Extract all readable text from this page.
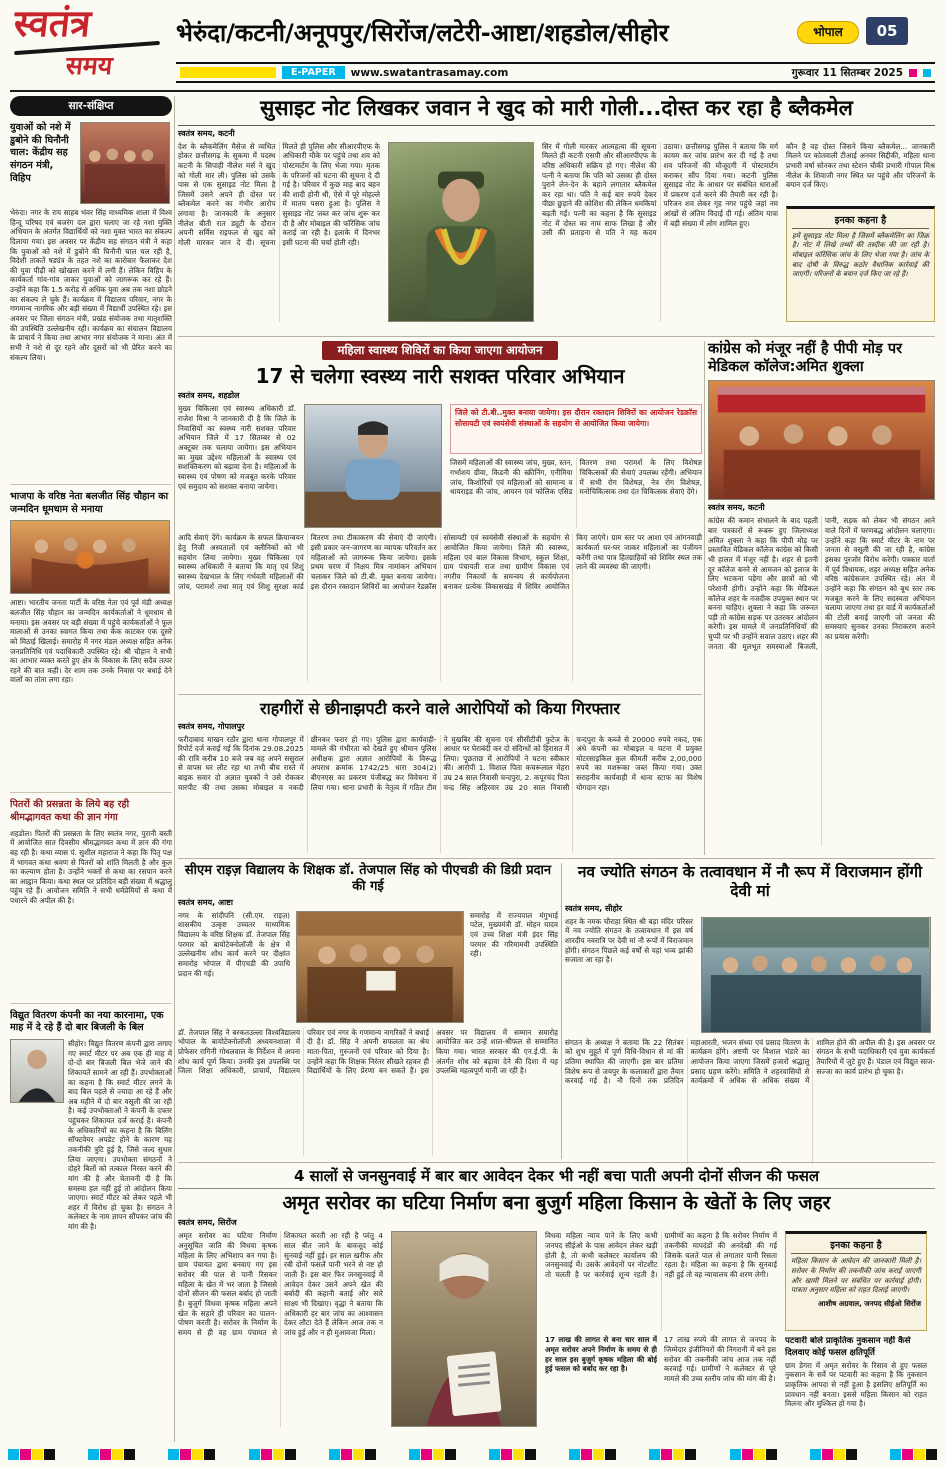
स्वतंत्र
समय
भेरुंदा/कटनी/अनूपपुर/सिरोंज/लटेरी-आष्टा/शहडोल/सीहोर	भोपाल	05
E-PAPER	www.swatantrasamay.com	गुरूवार 11 सितम्बर 2025
सार-संक्षिप्त
युवाओं को नशे में डुबोने की घिनौनी चाल: केंद्रीय सह संगठन मंत्री, विहिप

भेरुंदा। नगर के राय साहब भंवर सिंह माध्यमिक शाला में विश्व हिन्दू परिषद एवं बजरंग दल द्वारा चलाए जा रहे नशा मुक्ति अभियान के अंतर्गत विद्यार्थियों को नशा मुक्त भारत का संकल्प दिलाया गया। इस अवसर पर केंद्रीय सह संगठन मंत्री ने कहा कि युवाओं को नशे में डुबोने की घिनौनी चाल चल रही है, विदेशी ताकतें षड्यंत्र के तहत नशे का कारोबार फैलाकर देश की युवा पीढ़ी को खोखला करने में लगी हैं। लेकिन विहिप के कार्यकर्ता गांव-गांव जाकर युवाओं को जागरूक कर रहे हैं। उन्होंने कहा कि 1.5 करोड़ से अधिक युवा अब तक नशा छोड़ने का संकल्प ले चुके हैं। कार्यक्रम में विद्यालय परिवार, नगर के गणमान्य नागरिक और बड़ी संख्या में विद्यार्थी उपस्थित रहे। इस अवसर पर जिला संगठन मंत्री, प्रखंड संयोजक तथा मातृशक्ति की उपस्थिति उल्लेखनीय रही। कार्यक्रम का संचालन विद्यालय के प्राचार्य ने किया तथा आभार नगर संयोजक ने माना। अंत में सभी ने नशे से दूर रहने और दूसरों को भी प्रेरित करने का संकल्प लिया।

भाजपा के वरिष्ठ नेता बलजीत सिंह चौहान का जन्मदिन धूमधाम से मनाया

आष्टा। भारतीय जनता पार्टी के वरिष्ठ नेता एवं पूर्व मंडी अध्यक्ष बलजीत सिंह चौहान का जन्मदिन कार्यकर्ताओं ने धूमधाम से मनाया। इस अवसर पर बड़ी संख्या में पहुंचे कार्यकर्ताओं ने फूल मालाओं से उनका स्वागत किया तथा केक काटकर एक दूसरे को मिठाई खिलाई। समारोह में नगर मंडल अध्यक्ष सहित अनेक जनप्रतिनिधि एवं पदाधिकारी उपस्थित रहे। श्री चौहान ने सभी का आभार व्यक्त करते हुए क्षेत्र के विकास के लिए सदैव तत्पर रहने की बात कही। देर शाम तक उनके निवास पर बधाई देने वालों का तांता लगा रहा।

पितरों की प्रसन्नता के लिये बह रही श्रीमद्भागवत कथा की ज्ञान गंगा

शहडोल। पितरों की प्रसन्नता के लिए स्वतंत्र नगर, पुरानी बस्ती में आयोजित सात दिवसीय श्रीमद्भागवत कथा में ज्ञान की गंगा बह रही है। कथा व्यास पं. सुशील महाराज ने कहा कि पितृ पक्ष में भागवत कथा श्रवण से पितरों को शांति मिलती है और कुल का कल्याण होता है। उन्होंने भक्तों से कथा का रसपान करने का आह्वान किया। कथा स्थल पर प्रतिदिन बड़ी संख्या में श्रद्धालु पहुंच रहे हैं। आयोजन समिति ने सभी धर्मप्रेमियों से कथा में पधारने की अपील की है।

विद्युत वितरण कंपनी का नया कारनामा, एक माह में दे रहे हैं दो बार बिजली के बिल

सीहोर। विद्युत वितरण कंपनी द्वारा लगाए गए स्मार्ट मीटर पर अब एक ही माह में दो-दो बार बिजली बिल भेजे जाने की शिकायतें सामने आ रही हैं। उपभोक्ताओं का कहना है कि स्मार्ट मीटर लगने के बाद बिल पहले से ज्यादा आ रहे हैं और अब महीने में दो बार वसूली की जा रही है। कई उपभोक्ताओं ने कंपनी के दफ्तर पहुंचकर शिकायत दर्ज कराई है। कंपनी के अधिकारियों का कहना है कि बिलिंग सॉफ्टवेयर अपडेट होने के कारण यह तकनीकी त्रुटि हुई है, जिसे जल्द सुधार लिया जाएगा। उपभोक्ता संगठनों ने दोहरे बिलों को तत्काल निरस्त करने की मांग की है और चेतावनी दी है कि समस्या हल नहीं हुई तो आंदोलन किया जाएगा। स्मार्ट मीटर को लेकर पहले भी शहर में विरोध हो चुका है। संगठन ने कलेक्टर के नाम ज्ञापन सौंपकर जांच की मांग की है।

सुसाइट नोट लिखकर जवान ने खुद को मारी गोली...दोस्त कर रहा है ब्लैकमेल
स्वतंत्र समय, कटनी

देश के ब्लैकमेलिंग मैसेज से व्यथित होकर छत्तीसगढ़ के सुकमा में पदस्थ कटनी के सिपाही नीलेश मर्स ने खुद को गोली मार ली। पुलिस को उसके पास से एक सुसाइड नोट मिला है जिसमें उसने अपने ही दोस्त पर ब्लैकमेल करने का गंभीर आरोप लगाया है। जानकारी के अनुसार नीलेश बीती रात ड्यूटी के दौरान अपनी सर्विस राइफल से खुद को गोली मारकर जान दे दी। सूचना मिलते ही पुलिस और सीआरपीएफ के अधिकारी मौके पर पहुंचे तथा शव को पोस्टमार्टम के लिए भेजा गया। मृतक के परिजनों को घटना की सूचना दे दी गई है। परिवार में कुछ माह बाद बहन की शादी होनी थी, ऐसे में पूरे मोहल्ले में मातम पसरा हुआ है। पुलिस ने सुसाइड नोट जब्त कर जांच शुरू कर दी है और मोबाइल की फॉरेंसिक जांच कराई जा रही है। इलाके में दिनभर इसी घटना की चर्चा होती रही।

सिर में गोली मारकर आत्महत्या की सूचना मिलते ही कटनी एसपी और सीआरपीएफ के वरिष्ठ अधिकारी सक्रिय हो गए। नीलेश की पत्नी ने बताया कि पति को उसका ही दोस्त पुराने लेन-देन के बहाने लगातार ब्लैकमेल कर रहा था। पति ने कई बार रुपये देकर पीछा छुड़ाने की कोशिश की लेकिन धमकियां बढ़ती गईं। पत्नी का कहना है कि सुसाइड नोट में दोस्त का नाम साफ लिखा है और उसी की प्रताड़ना से पति ने यह कदम उठाया। छत्तीसगढ़ पुलिस ने बताया कि मर्ग कायम कर जांच प्रारंभ कर दी गई है तथा शव परिजनों की मौजूदगी में पोस्टमार्टम कराकर सौंप दिया गया। कटनी पुलिस सुसाइड नोट के आधार पर संबंधित धाराओं में प्रकरण दर्ज करने की तैयारी कर रही है। परिजन शव लेकर गृह नगर पहुंचे जहां नम आंखों से अंतिम विदाई दी गई। अंतिम यात्रा में बड़ी संख्या में लोग शामिल हुए।

कौन है वह दोस्त जिसने किया ब्लैकमेल... जानकारी मिलने पर कोतवाली टीआई अनवर सिद्दीकी, महिला थाना प्रभारी वर्षा सोनकर तथा स्टेशन चौकी प्रभारी गोपाल मिश्र नीलेश के शिवाजी नगर स्थित घर पहुंचे और परिजनों के बयान दर्ज किए।

इनका कहना है

हमें सुसाइड नोट मिला है जिसमें ब्लैकमेलिंग का जिक्र है। नोट में लिखे तथ्यों की तस्दीक की जा रही है। मोबाइल फॉरेंसिक जांच के लिए भेजा गया है। जांच के बाद दोषी के विरुद्ध कठोर वैधानिक कार्रवाई की जाएगी। परिजनों के बयान दर्ज किए जा रहे हैं।

महिला स्वास्थ्य शिविरों का किया जाएगा आयोजन
17 से चलेगा स्वस्थ्य नारी सशक्त परिवार अभियान
स्वतंत्र समय, शहडोल

मुख्य चिकित्सा एवं स्वास्थ्य अधिकारी डॉ. राजेश मिश्रा ने जानकारी दी है कि जिले के निवासियों का स्वस्थ्य नारी सशक्त परिवार अभियान जिले में 17 सितम्बर से 02 अक्टूबर तक चलाया जायेगा। इस अभियान का मुख्य उद्देश्य महिलाओं के स्वास्थ्य एवं सशक्तिकरण को बढ़ावा देना है। महिलाओं के स्वास्थ्य एवं पोषण को मजबूत करके परिवार एवं समुदाय को सशक्त बनाया जायेगा।

जिले को टी.बी..मुक्त बनाया जायेगा। इस दौरान रक्तदान शिविरों का आयोजन रेडक्रॉस सोसायटी एवं स्वयंसेवी संस्थाओं के सहयोग से आयोजित किया जायेगा।

जिसमें महिलाओं की स्वास्थ्य जांच, मुख्य, स्तन, गर्भाशय ग्रीवा, किडनी की स्क्रीनिंग, एनीमिया जांच, किशोरियों एवं महिलाओं को सामान्य व थायराइड की जांच, आयरन एवं फोलिक एसिड वितरण तथा परामर्श के लिए विशेषज्ञ चिकित्सकों की सेवाएं उपलब्ध रहेंगी। अभियान में सभी रोग विशेषज्ञ, नेत्र रोग विशेषज्ञ, मनोचिकित्सक तथा दंत चिकित्सक सेवाएं देंगे।

आदि सेवाएं देंगे। कार्यक्रम के सफल क्रियान्वयन हेतु निजी अस्पतालों एवं क्लीनिकों को भी सहयोग लिया जायेगा। मुख्य चिकित्सा एवं स्वास्थ्य अधिकारी ने बताया कि मातृ एवं शिशु स्वास्थ्य देखभाल के लिए गर्भवती महिलाओं की जांच, परामर्श तथा मातृ एवं शिशु सुरक्षा कार्ड वितरण तथा टीकाकरण की सेवाएं दी जाएंगी। इसी प्रकार जन-जागरण का व्यापक परिवर्तन कर महिलाओं को जागरूक किया जायेगा। इसके प्रथम चरण में निक्षय मित्र नामांकन अभियान चलाकर जिले को टी.बी. मुक्त बनाया जायेगा। इस दौरान रक्तदान शिविरों का आयोजन रेडक्रॉस सोसायटी एवं स्वयंसेवी संस्थाओं के सहयोग से आयोजित किया जायेगा। जिले की स्वास्थ्य, महिला एवं बाल विकास विभाग, स्कूल शिक्षा, ग्राम पंचायती राज तथा ग्रामीण विकास एवं नगरीय निकायों के समन्वय से कार्ययोजना बनाकर प्रत्येक विकासखंड में शिविर आयोजित किए जाएंगे। ग्राम स्तर पर आशा एवं आंगनवाड़ी कार्यकर्ता घर-घर जाकर महिलाओं का पंजीयन करेंगी तथा पात्र हितग्राहियों को शिविर स्थल तक लाने की व्यवस्था की जाएगी।

कांग्रेस को मंजूर नहीं है पीपी मोड़ पर मेडिकल कॉलेज:अमित शुक्ला
स्वतंत्र समय, कटनी

कांग्रेस की कमान संभालने के बाद पहली बार पत्रकारों से रूबरू हुए जिलाध्यक्ष अमित शुक्ला ने कहा कि पीपी मोड़ पर प्रस्तावित मेडिकल कॉलेज कांग्रेस को किसी भी हालत में मंजूर नहीं है। शहर से इतनी दूर कॉलेज बनने से आमजन को इलाज के लिए भटकना पड़ेगा और छात्रों को भी परेशानी होगी। उन्होंने कहा कि मेडिकल कॉलेज शहर के नजदीक उपयुक्त स्थान पर बनना चाहिए। शुक्ला ने कहा कि जरूरत पड़ी तो कांग्रेस सड़क पर उतरकर आंदोलन करेगी। इस मामले में जनप्रतिनिधियों की चुप्पी पर भी उन्होंने सवाल उठाए। शहर की जनता की मूलभूत समस्याओं बिजली, पानी, सड़क को लेकर भी संगठन आने वाले दिनों में चरणबद्ध आंदोलन चलाएगा। उन्होंने कहा कि स्मार्ट मीटर के नाम पर जनता से वसूली की जा रही है, कांग्रेस इसका पुरजोर विरोध करेगी। पत्रकार वार्ता में पूर्व विधायक, शहर अध्यक्ष सहित अनेक वरिष्ठ कांग्रेसजन उपस्थित रहे। अंत में उन्होंने कहा कि संगठन को बूथ स्तर तक मजबूत करने के लिए सदस्यता अभियान चलाया जाएगा तथा हर वार्ड में कार्यकर्ताओं की टोली बनाई जाएगी जो जनता की समस्याएं सुनकर उनका निराकरण कराने का प्रयास करेगी।

राहगीरों से छीनाझपटी करने वाले आरोपियों को किया गिरफ्तार
स्वतंत्र समय, गोपालपुर

फरीदाबाद माखन रठौर द्वारा थाना गोपालपुर में रिपोर्ट दर्ज कराई गई कि दिनांक 29.08.2025 की रात्रि करीब 10 बजे जब वह अपने ससुराल से वापस घर लौट रहा था तभी बीच रास्ते में बाइक सवार दो अज्ञात युवकों ने उसे रोककर मारपीट की तथा उसका मोबाइल व नकदी छीनकर फरार हो गए। पुलिस द्वारा कार्यवाही- मामले की गंभीरता को देखते हुए श्रीमान पुलिस अधीक्षक द्वारा अज्ञात आरोपियों के विरूद्ध अपराध क्रमांक 1742/25 धारा 304(2) बीएनएस का प्रकरण पंजीबद्ध कर विवेचना में लिया गया। थाना प्रभारी के नेतृत्व में गठित टीम ने मुखबिर की सूचना एवं सीसीटीवी फुटेज के आधार पर घेराबंदी कर दो संदिग्धों को हिरासत में लिया। पूछताछ में आरोपियों ने घटना स्वीकार की। आरोपी 1. विशाल पिता कचरूलाल मेहरा उम्र 24 साल निवासी चन्दपुरा, 2. कपूरचंद पिता चन्द्र सिंह अहिरवार उम्र 20 साल निवासी चन्दपुरा के कब्जे से 20000 रुपये नकद, एक अंधे कंपनी का मोबाइल व घटना में प्रयुक्त मोटरसाइकिल कुल कीमती करीब 2,00,000 रुपये का मशरूका जब्त किया गया। उक्त सराहनीय कार्यवाही में थाना स्टाफ का विशेष योगदान रहा।

सीएम राइज़ विद्यालय के शिक्षक डॉ. तेजपाल सिंह को पीएचडी की डिग्री प्रदान की गई
स्वतंत्र समय, आष्टा

नगर के सांदीपनि (सी.एम. राइज़) शासकीय उत्कृष्ट उच्चतर माध्यमिक विद्यालय के वरिष्ठ शिक्षक डॉ. तेजपाल सिंह परमार को बायोटेक्नोलॉजी के क्षेत्र में उल्लेखनीय शोध कार्य करने पर दीक्षांत समारोह भोपाल में पीएचडी की उपाधि प्रदान की गई।

समारोह में राज्यपाल मंगुभाई पटेल, मुख्यमंत्री डॉ. मोहन यादव एवं उच्च शिक्षा मंत्री इंदर सिंह परमार की गरिमामयी उपस्थिति रही।

डॉ. तेजपाल सिंह ने बरकतउल्ला विश्वविद्यालय भोपाल के बायोटेक्नोलॉजी अध्ययनशाला में प्रोफेसर रागिनी गोथलवाल के निर्देशन में अपना शोध कार्य पूर्ण किया। उनकी इस उपलब्धि पर जिला शिक्षा अधिकारी, प्राचार्य, विद्यालय परिवार एवं नगर के गणमान्य नागरिकों ने बधाई दी है। डॉ. सिंह ने अपनी सफलता का श्रेय माता-पिता, गुरुजनों एवं परिवार को दिया है। उन्होंने कहा कि शिक्षक निरंतर सीखते रहकर ही विद्यार्थियों के लिए प्रेरणा बन सकते हैं। इस अवसर पर विद्यालय में सम्मान समारोह आयोजित कर उन्हें शाल-श्रीफल से सम्मानित किया गया। भारत सरकार की एन.ई.पी. के अंतर्गत शोध को बढ़ावा देने की दिशा में यह उपलब्धि महत्वपूर्ण मानी जा रही है।

नव ज्योति संगठन के तत्वावधान में नौ रूप में विराजमान होंगी देवी मां
स्वतंत्र समय, सीहोर

शहर के नमक चौराहा स्थित श्री बड़ा मंदिर परिसर में नव ज्योति संगठन के तत्वावधान में इस वर्ष शारदीय नवरात्रि पर देवी मां नौ रूपों में विराजमान होंगी। संगठन पिछले कई वर्षों से यहां भव्य झांकी सजाता आ रहा है।

संगठन के अध्यक्ष ने बताया कि 22 सितंबर को शुभ मुहूर्त में पूर्ण विधि-विधान से मां की प्रतिमा स्थापित की जाएगी। इस बार प्रतिमा विशेष रूप से जयपुर के कलाकारों द्वारा तैयार करवाई गई है। नौ दिनों तक प्रतिदिन महाआरती, भजन संध्या एवं प्रसाद वितरण के कार्यक्रम होंगे। अष्टमी पर विशाल भंडारे का आयोजन किया जाएगा जिसमें हजारों श्रद्धालु प्रसाद ग्रहण करेंगे। समिति ने शहरवासियों से कार्यक्रमों में अधिक से अधिक संख्या में शामिल होने की अपील की है। इस अवसर पर संगठन के सभी पदाधिकारी एवं युवा कार्यकर्ता तैयारियों में जुटे हुए हैं। पंडाल एवं विद्युत साज-सज्जा का कार्य प्रारंभ हो चुका है।

4 सालों से जनसुनवाई में बार बार आवेदन देकर भी नहीं बचा पाती अपनी दोनों सीजन की फसल
अमृत सरोवर का घटिया निर्माण बना बुजुर्ग महिला किसान के खेतों के लिए जहर
स्वतंत्र समय, सिरोंज

अमृत सरोवर का घटिया निर्माण अनुसूचित जाति की विधवा कृषक महिला के लिए अभिशाप बन गया है। ग्राम पंचायत द्वारा बनवाए गए इस सरोवर की पाल से पानी रिसकर महिला के खेत में भर जाता है जिससे दोनों सीजन की फसल बर्बाद हो जाती है। बुजुर्ग विधवा कृषक महिला अपने खेत के सहारे ही परिवार का पालन-पोषण करती है। सरोवर के निर्माण के समय से ही वह ग्राम पंचायत से शिकायत करती आ रही है परंतु 4 साल बीत जाने के बावजूद कोई सुनवाई नहीं हुई। हर साल खरीफ और रबी दोनों फसलें पानी भरने से नष्ट हो जाती हैं। इस बार फिर जनसुनवाई में आवेदन देकर उसने अपने खेत की बर्बादी की कहानी बताई और सारे साक्ष्य भी दिखाए। वृद्धा ने बताया कि अधिकारी हर बार जांच का आश्वासन देकर लौटा देते हैं लेकिन आज तक न जांच हुई और न ही मुआवजा मिला।

विधवा महिला न्याय पाने के लिए कभी जनपद सीईओ के पास आवेदन लेकर खड़ी होती है, तो कभी कलेक्टर कार्यालय की जनसुनवाई में। उसके आवेदनों पर नोटशीट तो चलती है पर कार्रवाई शून्य रहती है। ग्रामीणों का कहना है कि सरोवर निर्माण में तकनीकी मापदंडों की अनदेखी की गई जिसके चलते पाल से लगातार पानी रिसता रहता है। महिला का कहना है कि सुनवाई नहीं हुई तो वह न्यायालय की शरण लेगी।

17 लाख की लागत से बना चार साल में अमृत सरोवर अपने निर्माण के समय से ही हर साल इस बुजुर्ग कृषक महिला की बोई हुई फसल को बर्बाद कर रहा है।

17 लाख रुपये की लागत से जनपद के जिम्मेदार इंजीनियरों की निगरानी में बने इस सरोवर की तकनीकी जांच आज तक नहीं करवाई गई। ग्रामीणों ने कलेक्टर से पूरे मामले की उच्च स्तरीय जांच की मांग की है।

इनका कहना है

महिला किसान के आवेदन की जानकारी मिली है। सरोवर के निर्माण की तकनीकी जांच कराई जाएगी और खामी मिलने पर संबंधित पर कार्रवाई होगी। पात्रता अनुसार महिला को राहत दिलाई जाएगी।

आशीष अग्रवाल, जनपद सीईओ सिरोंज
पटवारी बोले प्राकृतिक नुकसान नहीं कैसे दिलवाए कोई फसल क्षतिपूर्ति

ग्राम डेगरा में अमृत सरोवर के रिसाव से हुए फसल नुकसान के सर्वे पर पटवारी का कहना है कि नुकसान प्राकृतिक आपदा से नहीं हुआ है इसलिए क्षतिपूर्ति का प्रावधान नहीं बनता। इससे महिला किसान को राहत मिलना और मुश्किल हो गया है।
